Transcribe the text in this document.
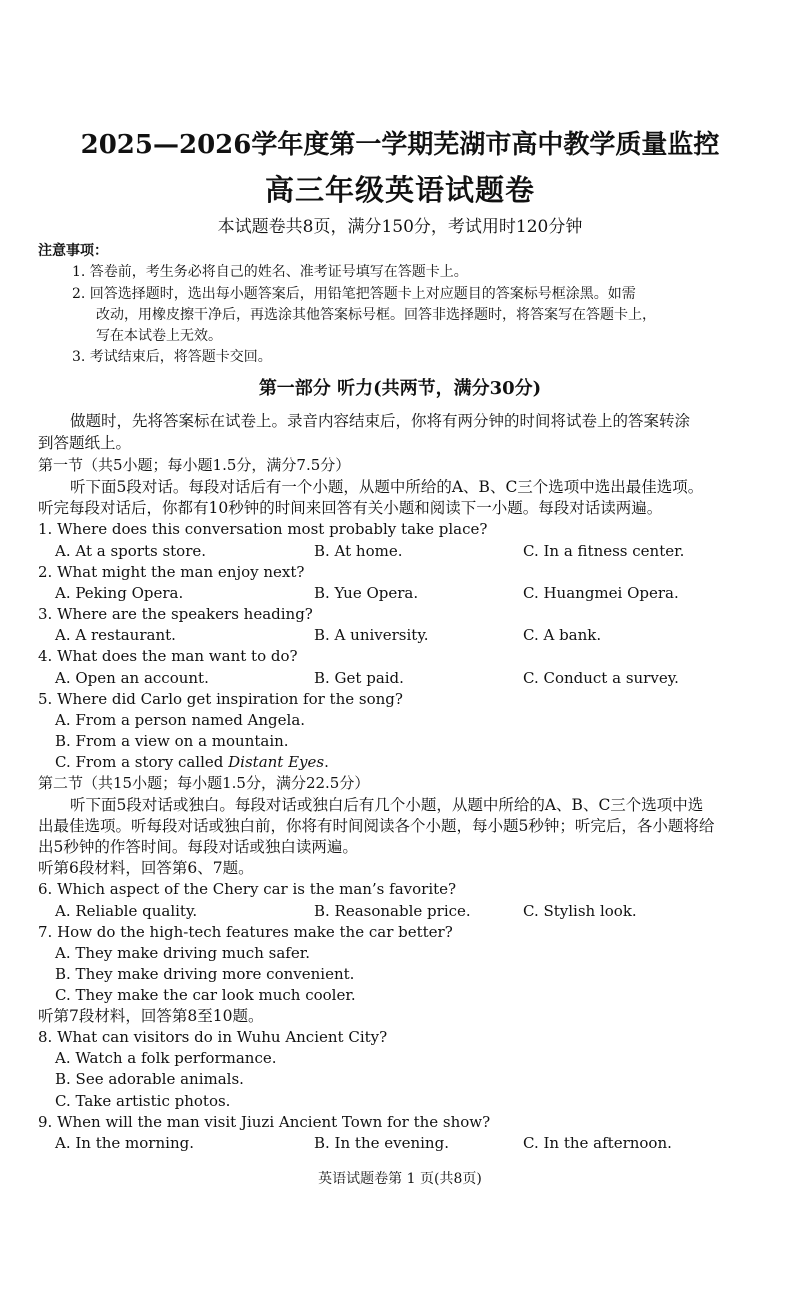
2025—2026学年度第一学期芜湖市高中教学质量监控
高三年级英语试题卷
本试题卷共8页，满分150分，考试用时120分钟
注意事项：
1. 答卷前，考生务必将自己的姓名、准考证号填写在答题卡上。
2. 回答选择题时，选出每小题答案后，用铅笔把答题卡上对应题目的答案标号框涂黑。如需
改动，用橡皮擦干净后，再选涂其他答案标号框。回答非选择题时，将答案写在答题卡上，
写在本试卷上无效。
3. 考试结束后，将答题卡交回。
第一部分 听力(共两节，满分30分)
做题时，先将答案标在试卷上。录音内容结束后，你将有两分钟的时间将试卷上的答案转涂
到答题纸上。
第一节（共5小题；每小题1.5分，满分7.5分）
听下面5段对话。每段对话后有一个小题，从题中所给的A、B、C三个选项中选出最佳选项。
听完每段对话后，你都有10秒钟的时间来回答有关小题和阅读下一小题。每段对话读两遍。
1. Where does this conversation most probably take place?
A. At a sports store.	B. At home.	C. In a fitness center.
2. What might the man enjoy next?
A. Peking Opera.	B. Yue Opera.	C. Huangmei Opera.
3. Where are the speakers heading?
A. A restaurant.	B. A university.	C. A bank.
4. What does the man want to do?
A. Open an account.	B. Get paid.	C. Conduct a survey.
5. Where did Carlo get inspiration for the song?
A. From a person named Angela.
B. From a view on a mountain.
C. From a story called Distant Eyes.
第二节（共15小题；每小题1.5分，满分22.5分）
听下面5段对话或独白。每段对话或独白后有几个小题，从题中所给的A、B、C三个选项中选
出最佳选项。听每段对话或独白前，你将有时间阅读各个小题，每小题5秒钟；听完后，各小题将给
出5秒钟的作答时间。每段对话或独白读两遍。
听第6段材料，回答第6、7题。
6. Which aspect of the Chery car is the man’s favorite?
A. Reliable quality.	B. Reasonable price.	C. Stylish look.
7. How do the high-tech features make the car better?
A. They make driving much safer.
B. They make driving more convenient.
C. They make the car look much cooler.
听第7段材料，回答第8至10题。
8. What can visitors do in Wuhu Ancient City?
A. Watch a folk performance.
B. See adorable animals.
C. Take artistic photos.
9. When will the man visit Jiuzi Ancient Town for the show?
A. In the morning.	B. In the evening.	C. In the afternoon.
英语试题卷第 1 页(共8页)
